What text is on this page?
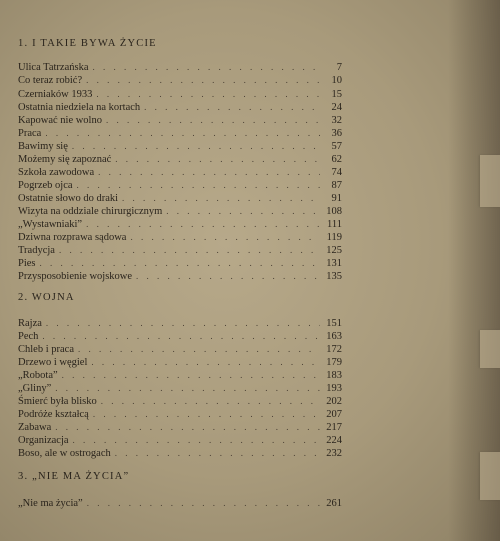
1. I TAKIE BYWA ŻYCIE
Ulica Tatrzańska . . .	7
Co teraz robić? . . .	10
Czerniaków 1933 . . .	15
Ostatnia niedziela na kortach . . .	24
Kapować nie wolno . . .	32
Praca . . .	36
Bawimy się . . .	57
Możemy się zapoznać . . .	62
Szkoła zawodowa . . .	74
Pogrzeb ojca . . .	87
Ostatnie słowo do draki . . .	91
Wizyta na oddziale chirurgicznym . . .	108
„Wystawniaki” . . .	111
Dziwna rozprawa sądowa . . .	119
Tradycja . . .	125
Pies . . .	131
Przysposobienie wojskowe . . .	135
2. WOJNA
Rajza . . .	151
Pech . . .	163
Chleb i praca . . .	172
Drzewo i węgiel . . .	179
„Robota” . . .	183
„Gliny” . . .	193
Śmierć była blisko . . .	202
Podróże kształcą . . .	207
Zabawa . . .	217
Organizacja . . .	224
Boso, ale w ostrogach . . .	232
3. „NIE MA ŻYCIA”
„Nie ma życia” . . .	261
